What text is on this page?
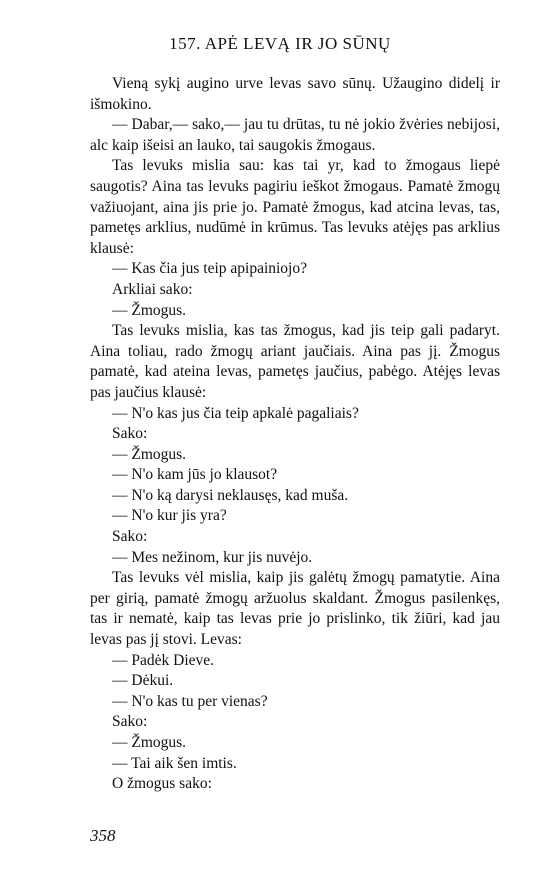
157. APĖ LEVĄ IR JO SŪNŲ

Vieną sykį augino urve levas savo sūnų. Užaugino didelį ir išmokino.

— Dabar,— sako,— jau tu drūtas, tu nė jokio žvėries nebijosi, alc kaip išeisi an lauko, tai saugokis žmogaus.

Tas levuks mislia sau: kas tai yr, kad to žmogaus liepė saugotis? Aina tas levuks pagiriu ieškot žmogaus. Pamatė žmogų važiuojant, aina jis prie jo. Pamatė žmogus, kad atcina levas, tas, pametęs arklius, nudūmė in krūmus. Tas levuks atėjęs pas arklius klausė:

— Kas čia jus teip apipainiojo?

Arkliai sako:

— Žmogus.

Tas levuks mislia, kas tas žmogus, kad jis teip gali padaryt. Aina toliau, rado žmogų ariant jaučiais. Aina pas jį. Žmogus pamatė, kad ateina levas, pametęs jaučius, pabėgo. Atėjęs levas pas jaučius klausė:

— N'o kas jus čia teip apkalė pagaliais?

Sako:

— Žmogus.

— N'o kam jūs jo klausot?

— N'o ką darysi neklausęs, kad muša.

— N'o kur jis yra?

Sako:

— Mes nežinom, kur jis nuvėjo.

Tas levuks vėl mislia, kaip jis galėtų žmogų pamatytie. Aina per girią, pamatė žmogų aržuolus skaldant. Žmogus pasilenkęs, tas ir nematė, kaip tas levas prie jo prislinko, tik žiūri, kad jau levas pas jį stovi. Levas:

— Padėk Dieve.

— Dėkui.

— N'o kas tu per vienas?

Sako:

— Žmogus.

— Tai aik šen imtis.

O žmogus sako:

358
